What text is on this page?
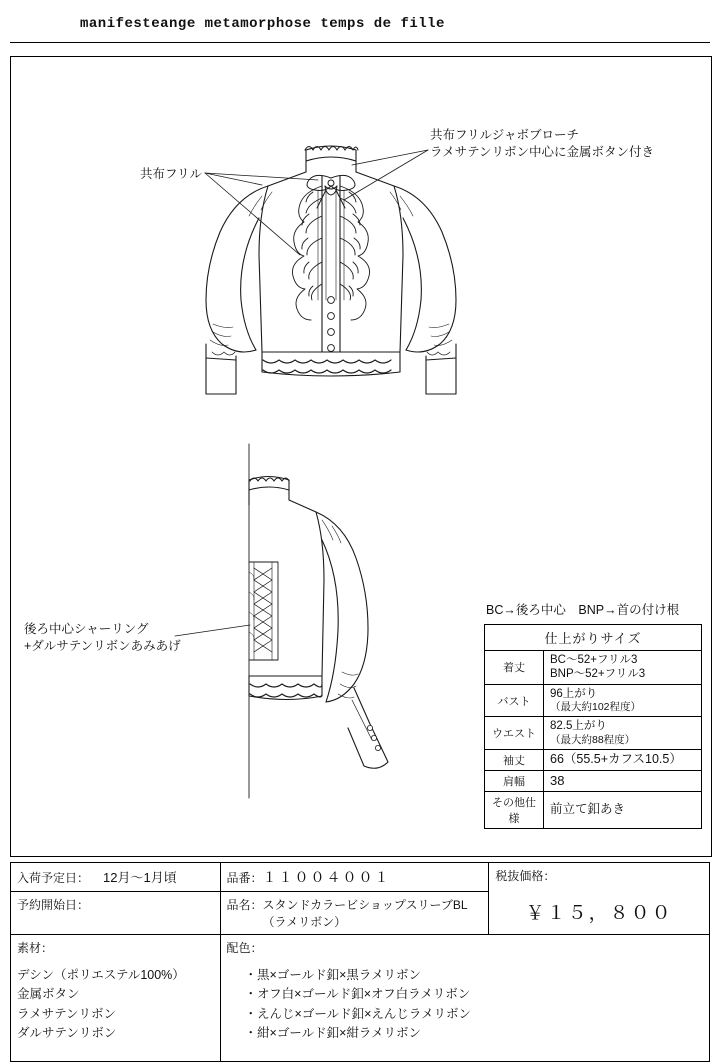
manifesteange metamorphose temps de fille
共布フリルジャボブローチ
ラメサテンリボン中心に金属ボタン付き
共布フリル
後ろ中心シャーリング
+ダルサテンリボンあみあげ
BC→後ろ中心　BNP→首の付け根
仕上がりサイズ	
着丈	BC〜52+フリル3
BNP〜52+フリル3

バスト	96上がり
（最大約102程度）

ウエスト	82.5上がり
（最大約88程度）

袖丈	66（55.5+カフス10.5）
肩幅	38
その他仕様	前立て釦あき
入荷予定日： 12月〜1月頃	品番：１１００４００１	税抜価格：
￥１５，８００

予約開始日：	品名：スタンドカラービショップスリーブBL
（ラメリボン）	

素材：
デシン（ポリエステル100%）
金属ボタン
ラメサテンリボン
ダルサテンリボン

配色：
・黒×ゴールド釦×黒ラメリボン
・オフ白×ゴールド釦×オフ白ラメリボン
・えんじ×ゴールド釦×えんじラメリボン
・紺×ゴールド釦×紺ラメリボン
